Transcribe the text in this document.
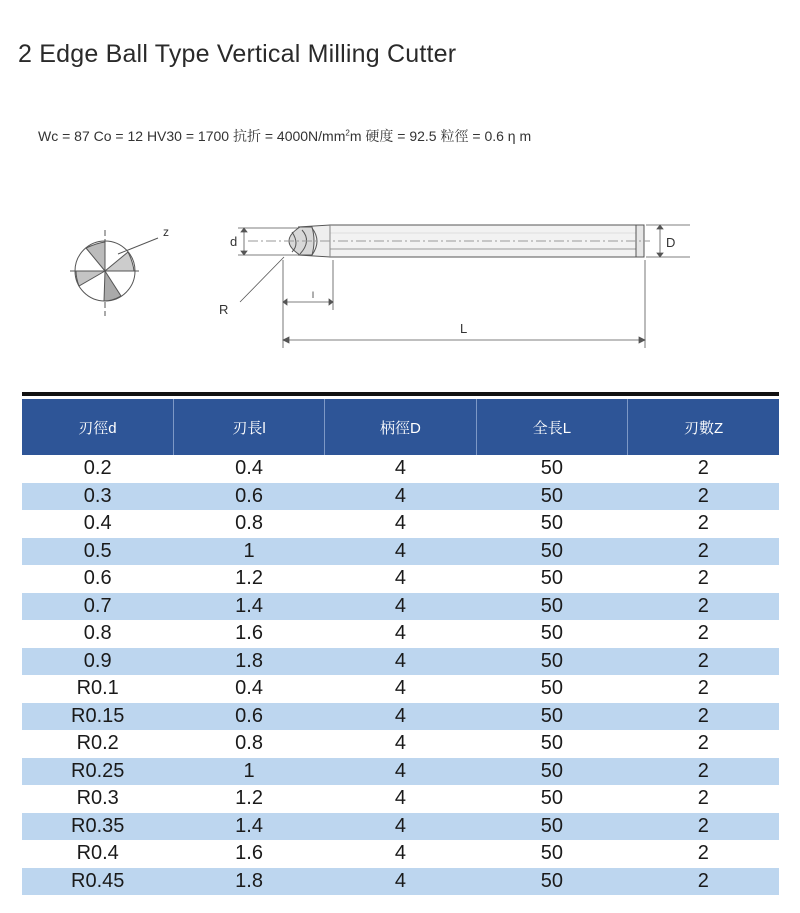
2 Edge Ball Type Vertical Milling Cutter
Wc = 87 Co = 12 HV30 = 1700 抗折 = $4000N/mm^2m$ 硬度 = 92.5 粒徑 = 0.6 η m
z
d	D
R
l
L
刃徑d	刃長l	柄徑D	全長L	刃數Z
0.2	0.4	4	50	2
0.3	0.6	4	50	2
0.4	0.8	4	50	2
0.5	1	4	50	2
0.6	1.2	4	50	2
0.7	1.4	4	50	2
0.8	1.6	4	50	2
0.9	1.8	4	50	2
R0.1	0.4	4	50	2
R0.15	0.6	4	50	2
R0.2	0.8	4	50	2
R0.25	1	4	50	2
R0.3	1.2	4	50	2
R0.35	1.4	4	50	2
R0.4	1.6	4	50	2
R0.45	1.8	4	50	2
